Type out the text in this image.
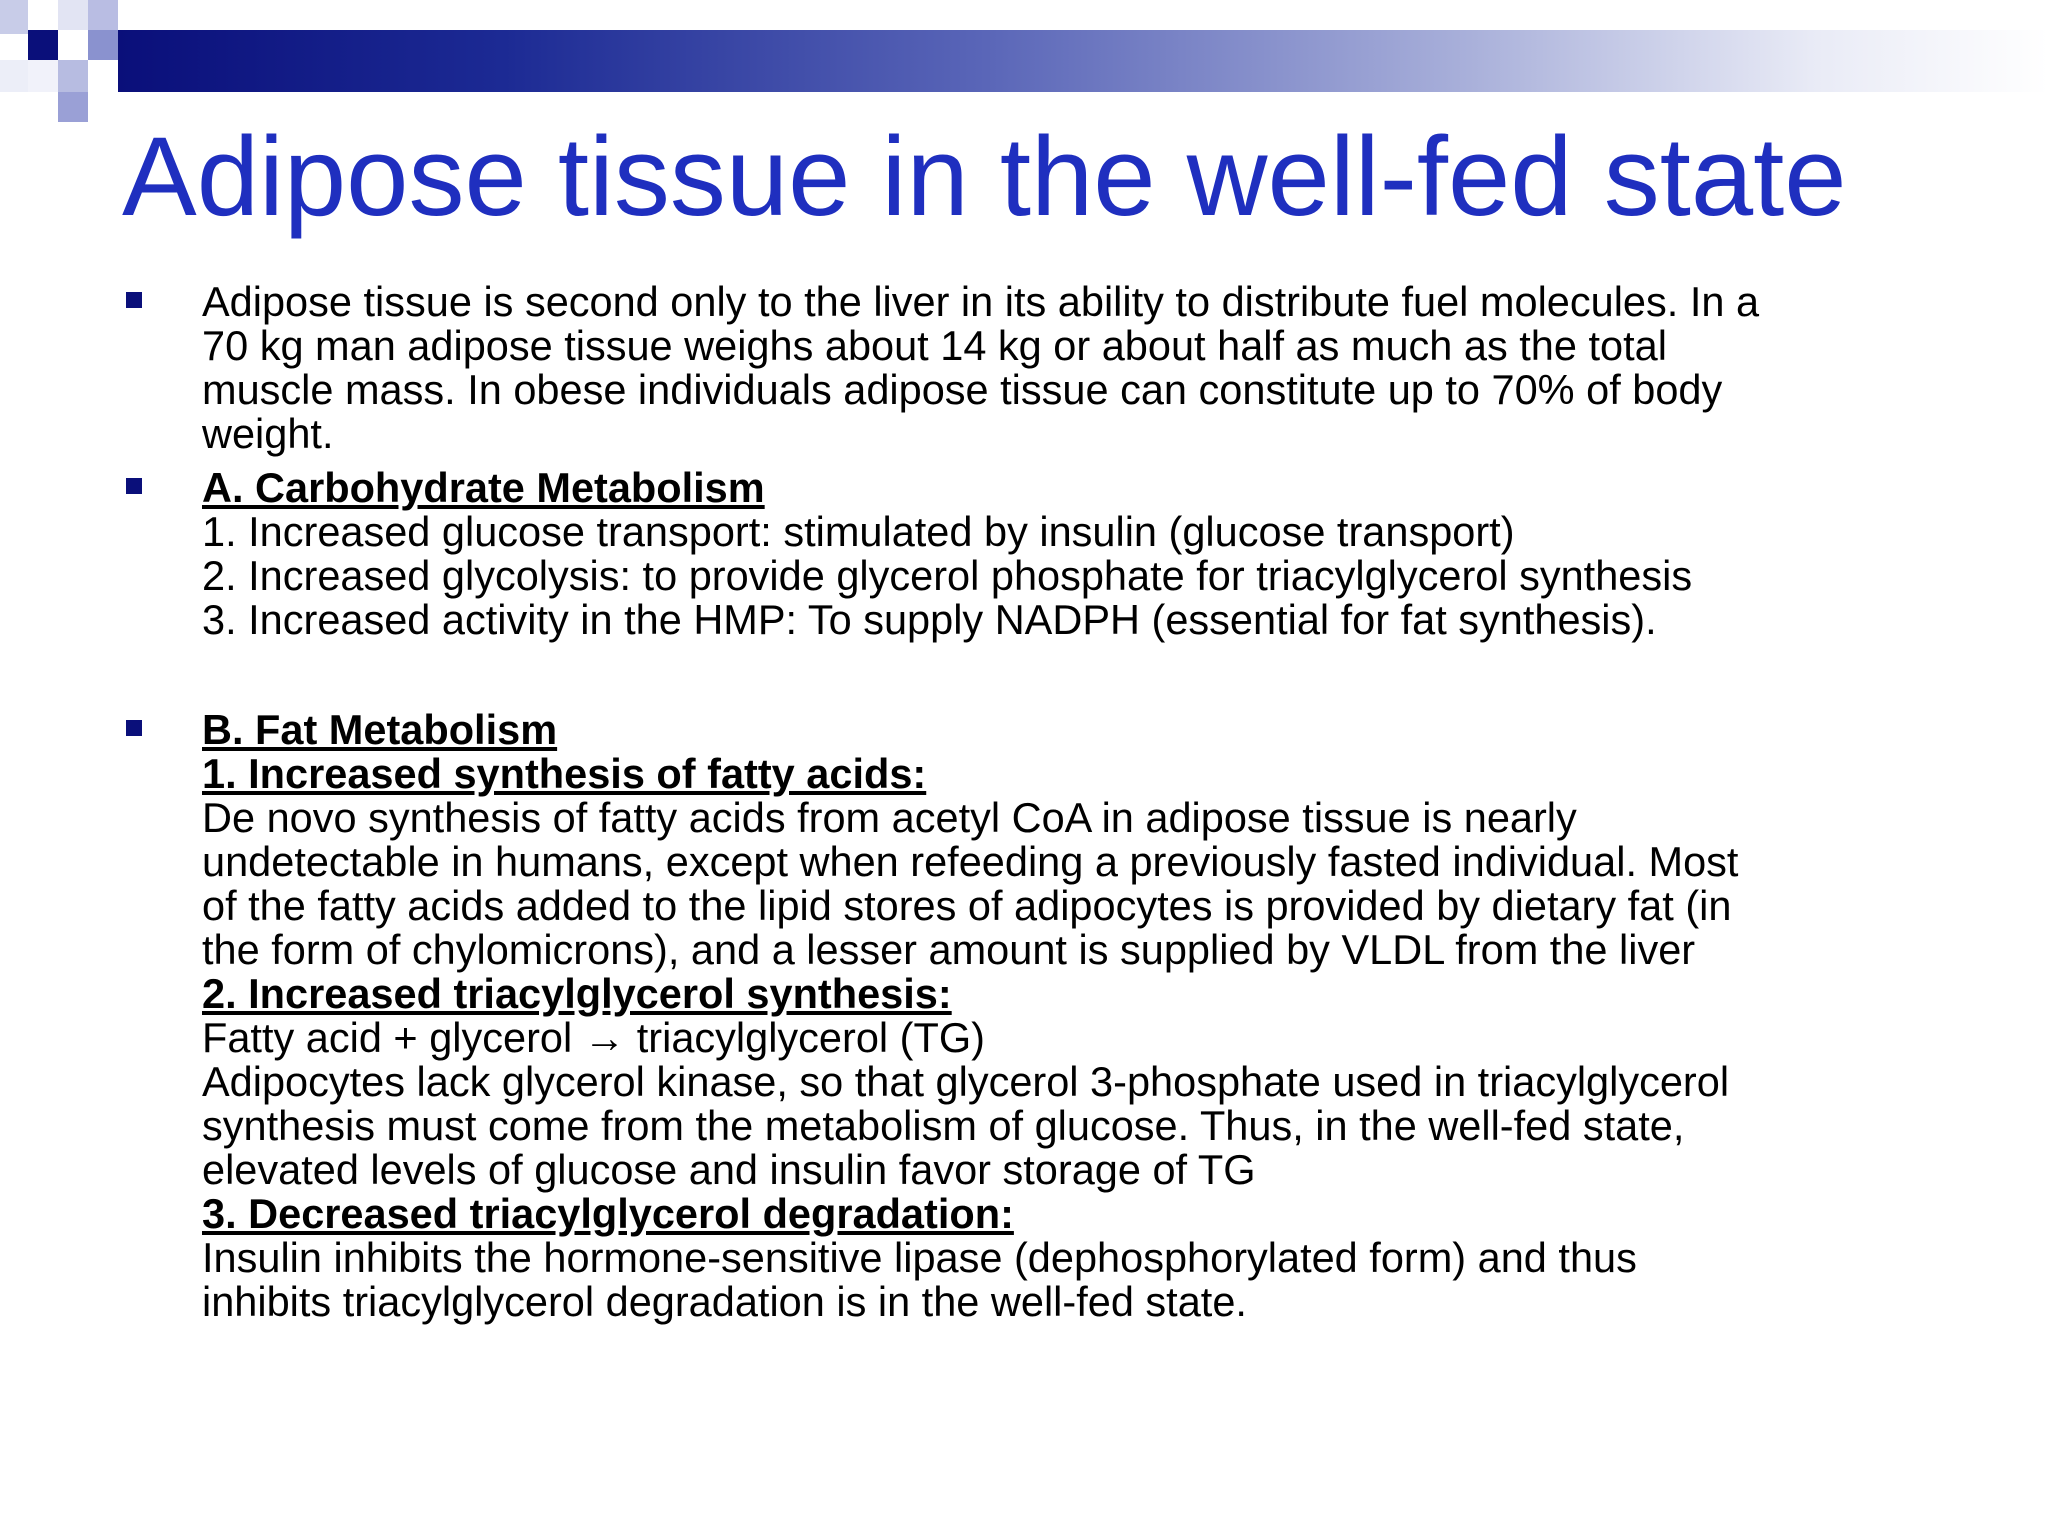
Adipose tissue in the well-fed state
Adipose tissue is second only to the liver in its ability to distribute fuel molecules. In a
70 kg man adipose tissue weighs about 14 kg or about half as much as the total
muscle mass. In obese individuals adipose tissue can constitute up to 70% of body
weight.
A. Carbohydrate Metabolism
1. Increased glucose transport: stimulated by insulin (glucose transport)
2. Increased glycolysis: to provide glycerol phosphate for triacylglycerol synthesis
3. Increased activity in the HMP: To supply NADPH (essential for fat synthesis).
B. Fat Metabolism
1. Increased synthesis of fatty acids:
De novo synthesis of fatty acids from acetyl CoA in adipose tissue is nearly
undetectable in humans, except when refeeding a previously fasted individual. Most
of the fatty acids added to the lipid stores of adipocytes is provided by dietary fat (in
the form of chylomicrons), and a lesser amount is supplied by VLDL from the liver
2. Increased triacylglycerol synthesis:
Fatty acid + glycerol → triacylglycerol (TG)
Adipocytes lack glycerol kinase, so that glycerol 3-phosphate used in triacylglycerol
synthesis must come from the metabolism of glucose. Thus, in the well-fed state,
elevated levels of glucose and insulin favor storage of TG
3. Decreased triacylglycerol degradation:
Insulin inhibits the hormone-sensitive lipase (dephosphorylated form) and thus
inhibits triacylglycerol degradation is in the well-fed state.
